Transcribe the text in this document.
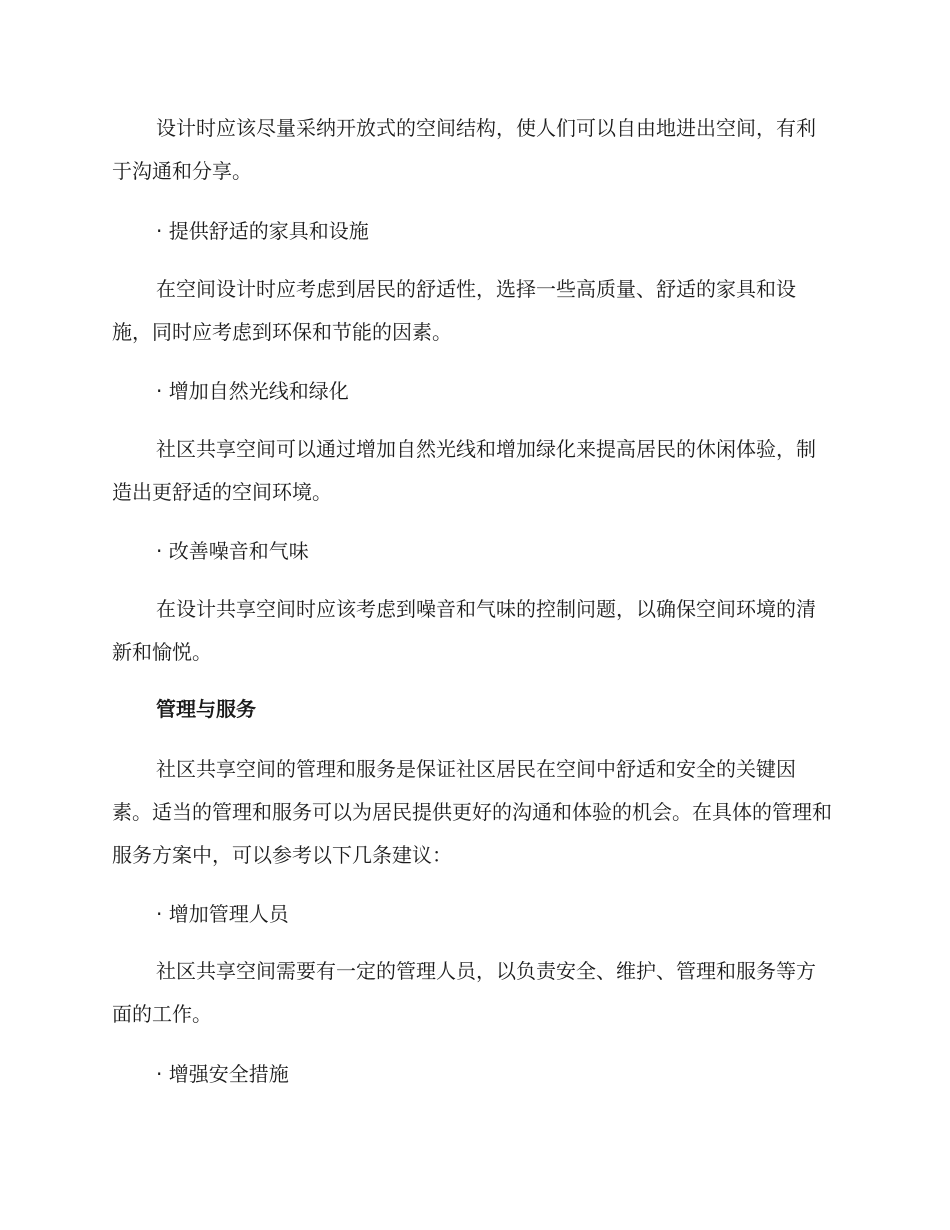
设计时应该尽量采纳开放式的空间结构，使人们可以自由地进出空间，有利于沟通和分享。

· 提供舒适的家具和设施

在空间设计时应考虑到居民的舒适性，选择一些高质量、舒适的家具和设施，同时应考虑到环保和节能的因素。

· 增加自然光线和绿化

社区共享空间可以通过增加自然光线和增加绿化来提高居民的休闲体验，制造出更舒适的空间环境。

· 改善噪音和气味

在设计共享空间时应该考虑到噪音和气味的控制问题，以确保空间环境的清新和愉悦。

管理与服务

社区共享空间的管理和服务是保证社区居民在空间中舒适和安全的关键因素。适当的管理和服务可以为居民提供更好的沟通和体验的机会。在具体的管理和服务方案中，可以参考以下几条建议：

· 增加管理人员

社区共享空间需要有一定的管理人员，以负责安全、维护、管理和服务等方面的工作。

· 增强安全措施
